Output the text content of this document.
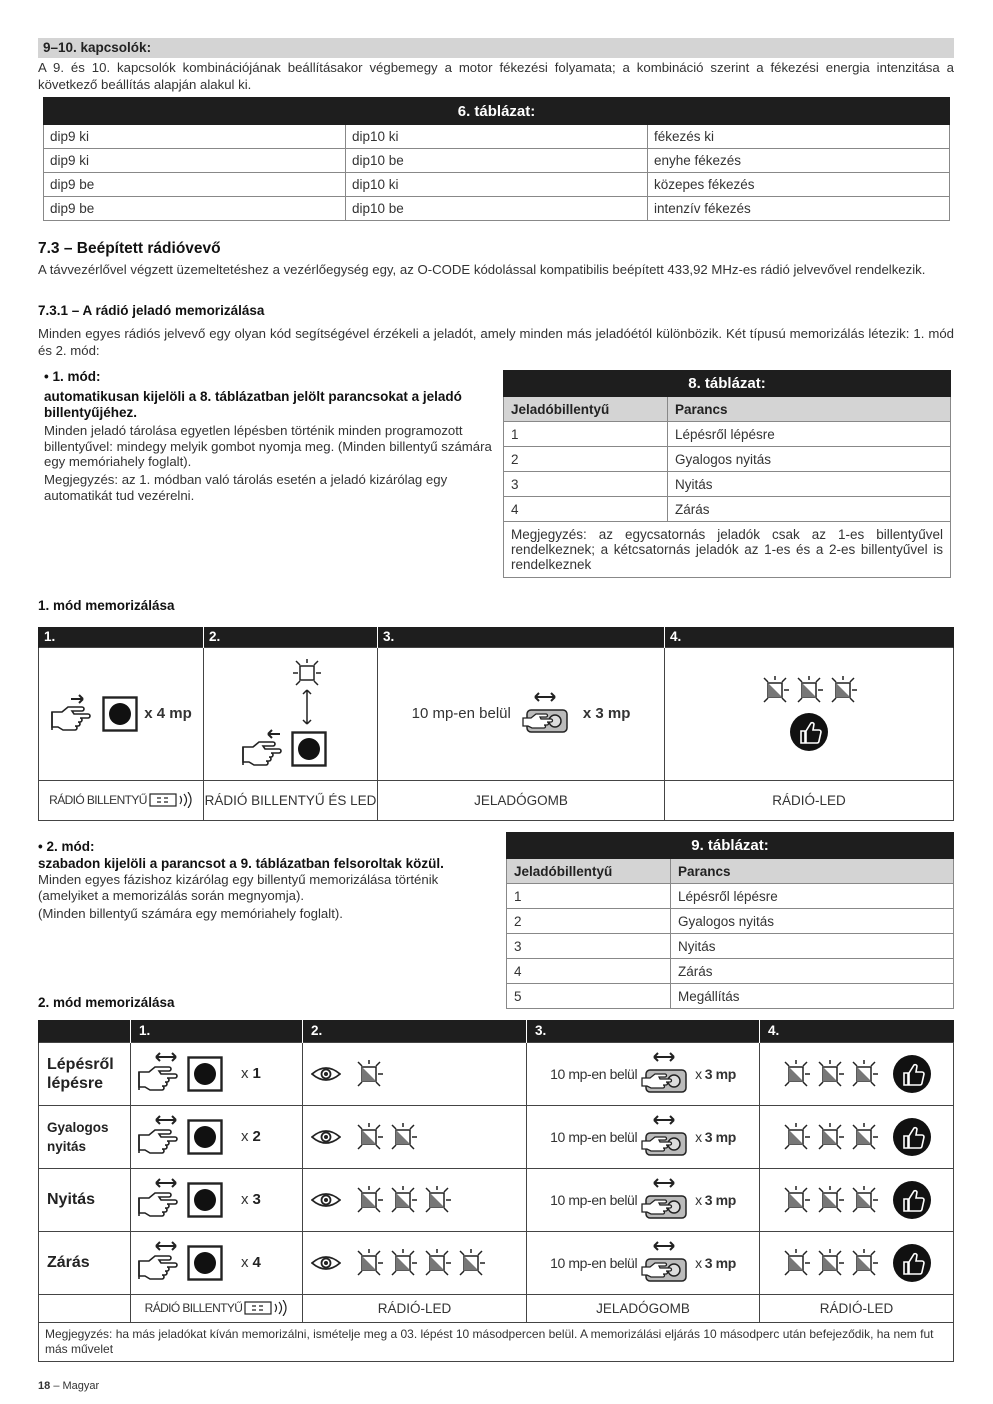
9–10. kapcsolók:
A 9. és 10. kapcsolók kombinációjának beállításakor végbemegy a motor fékezési folyamata; a kombináció szerint a fékezési energia intenzitása a következő beállítás alapján alakul ki.
6. táblázat:		
dip9 ki	dip10 ki	fékezés ki
dip9 ki	dip10 be	enyhe fékezés
dip9 be	dip10 ki	közepes fékezés
dip9 be	dip10 be	intenzív fékezés
7.3 – Beépített rádióvevő
A távvezérlővel végzett üzemeltetéshez a vezérlőegység egy, az O-CODE kódolással kompatibilis beépített 433,92 MHz-es rádió jelvevővel rendelkezik.
7.3.1 – A rádió jeladó memorizálása
Minden egyes rádiós jelvevő egy olyan kód segítségével érzékeli a jeladót, amely minden más jeladóétól különbözik. Két típusú memorizálás létezik: 1. mód és 2. mód:
• 1. mód:
automatikusan kijelöli a 8. táblázatban jelölt parancsokat a jeladó billentyűjéhez.
Minden jeladó tárolása egyetlen lépésben történik minden programozott billentyűvel: mindegy melyik gombot nyomja meg. (Minden billentyű számára egy memóriahely foglalt).
Megjegyzés: az 1. módban való tárolás esetén a jeladó kizárólag egy automatikát tud vezérelni.
8. táblázat:	
Jeladóbillentyű	Parancs
1	Lépésről lépésre
2	Gyalogos nyitás
3	Nyitás
4	Zárás
Megjegyzés: az egycsatornás jeladók csak az 1-es billentyűvel rendelkeznek; a kétcsatornás jeladók az 1-es és a 2-es billentyűvel is rendelkeznek	
1. mód memorizálása
1.	2.	3.	4.

x 4 mp		10 mp-en belül x 3 mp

RÁDIÓ BILLENTYŰ	RÁDIÓ BILLENTYŰ ÉS LED	JELADÓGOMB	RÁDIÓ-LED
• 2. mód:
szabadon kijelöli a parancsot a 9. táblázatban felsoroltak közül.
Minden egyes fázishoz kizárólag egy billentyű memorizálása történik (amelyiket a memorizálás során megnyomja).
(Minden billentyű számára egy memóriahely foglalt).
9. táblázat:	
Jeladóbillentyű	Parancs
1	Lépésről lépésre
2	Gyalogos nyitás
3	Nyitás
4	Zárás
5	Megállítás
2. mód memorizálása
	1.	2.	3.	4.
Lépésről lépésre	x 1		10 mp-en belül x 3 mp

Gyalogos nyitás	x 2		10 mp-en belül x 3 mp

Nyitás	x 3		10 mp-en belül x 3 mp

Zárás	x 4		10 mp-en belül x 3 mp

	RÁDIÓ BILLENTYŰ	RÁDIÓ-LED	JELADÓGOMB	RÁDIÓ-LED
Megjegyzés: ha más jeladókat kíván memorizálni, ismételje meg a 03. lépést 10 másodpercen belül. A memorizálási eljárás 10 másodperc után befejeződik, ha nem fut más művelet				
18 – Magyar
